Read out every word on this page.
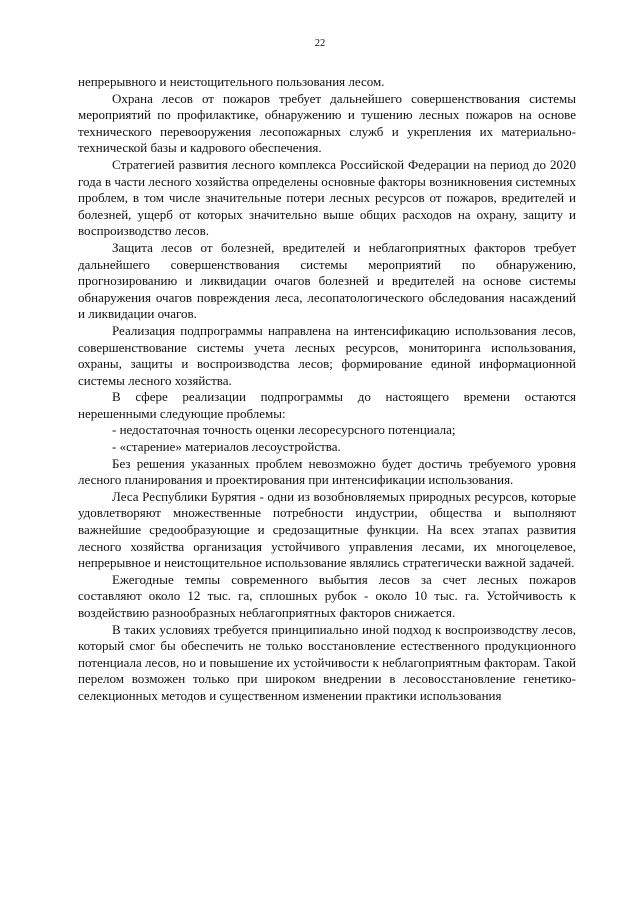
22

непрерывного и неистощительного пользования лесом.

Охрана лесов от пожаров требует дальнейшего совершенствования системы мероприятий по профилактике, обнаружению и тушению лесных пожаров на основе технического перевооружения лесопожарных служб и укрепления их материально-технической базы и кадрового обеспечения.

Стратегией развития лесного комплекса Российской Федерации на период до 2020 года в части лесного хозяйства определены основные факторы возникновения системных проблем, в том числе значительные потери лесных ресурсов от пожаров, вредителей и болезней, ущерб от которых значительно выше общих расходов на охрану, защиту и воспроизводство лесов.

Защита лесов от болезней, вредителей и неблагоприятных факторов требует дальнейшего совершенствования системы мероприятий по обнаружению, прогнозированию и ликвидации очагов болезней и вредителей на основе системы обнаружения очагов повреждения леса, лесопатологического обследования насаждений и ликвидации очагов.

Реализация подпрограммы направлена на интенсификацию использования лесов, совершенствование системы учета лесных ресурсов, мониторинга использования, охраны, защиты и воспроизводства лесов; формирование единой информационной системы лесного хозяйства.

В сфере реализации подпрограммы до настоящего времени остаются нерешенными следующие проблемы:

- недостаточная точность оценки лесоресурсного потенциала;

- «старение» материалов лесоустройства.

Без решения указанных проблем невозможно будет достичь требуемого уровня лесного планирования и проектирования при интенсификации использования.

Леса Республики Бурятия - одни из возобновляемых природных ресурсов, которые удовлетворяют множественные потребности индустрии, общества и выполняют важнейшие средообразующие и средозащитные функции. На всех этапах развития лесного хозяйства организация устойчивого управления лесами, их многоцелевое, непрерывное и неистощительное использование являлись стратегически важной задачей.

Ежегодные темпы современного выбытия лесов за счет лесных пожаров составляют около 12 тыс. га, сплошных рубок - около 10 тыс. га. Устойчивость к воздействию разнообразных неблагоприятных факторов снижается.

В таких условиях требуется принципиально иной подход к воспроизводству лесов, который смог бы обеспечить не только восстановление естественного продукционного потенциала лесов, но и повышение их устойчивости к неблагоприятным факторам. Такой перелом возможен только при широком внедрении в лесовосстановление генетико-селекционных методов и существенном изменении практики использования
